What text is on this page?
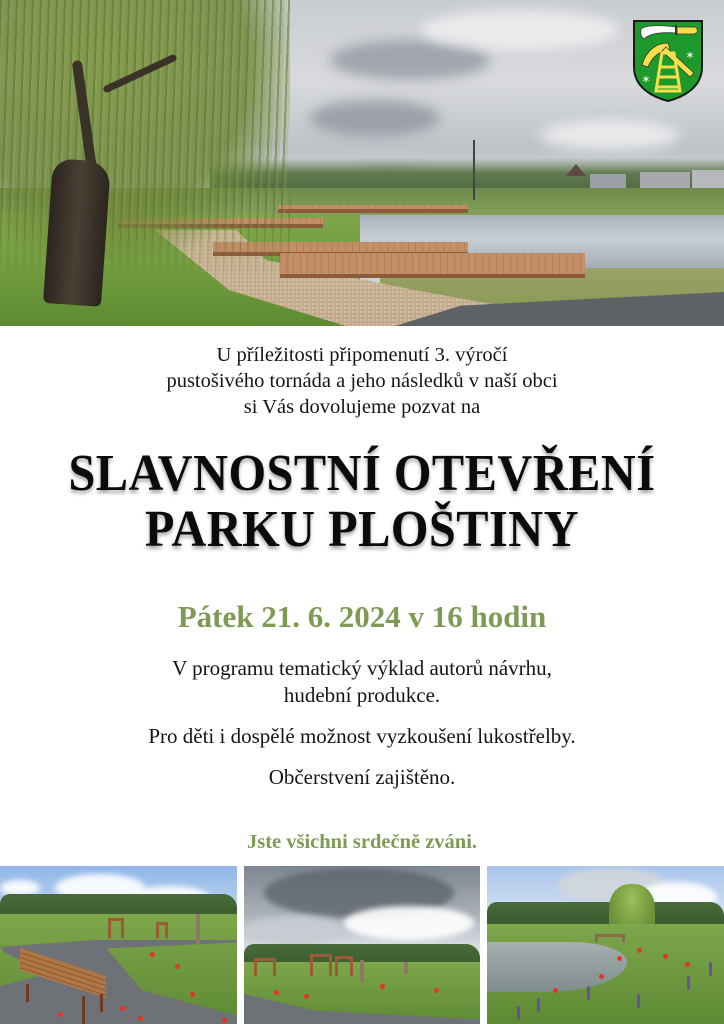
✶
✶
U příležitosti připomenutí 3. výročí
pustošivého tornáda a jeho následků v naší obci
si Vás dovolujeme pozvat na
SLAVNOSTNÍ OTEVŘENÍ
PARKU PLOŠTINY
Pátek 21. 6. 2024 v 16 hodin

V programu tematický výklad autorů návrhu,

hudební produkce.

Pro děti i dospělé možnost vyzkoušení lukostřelby.

Občerstvení zajištěno.

Jste všichni srdečně zváni.
